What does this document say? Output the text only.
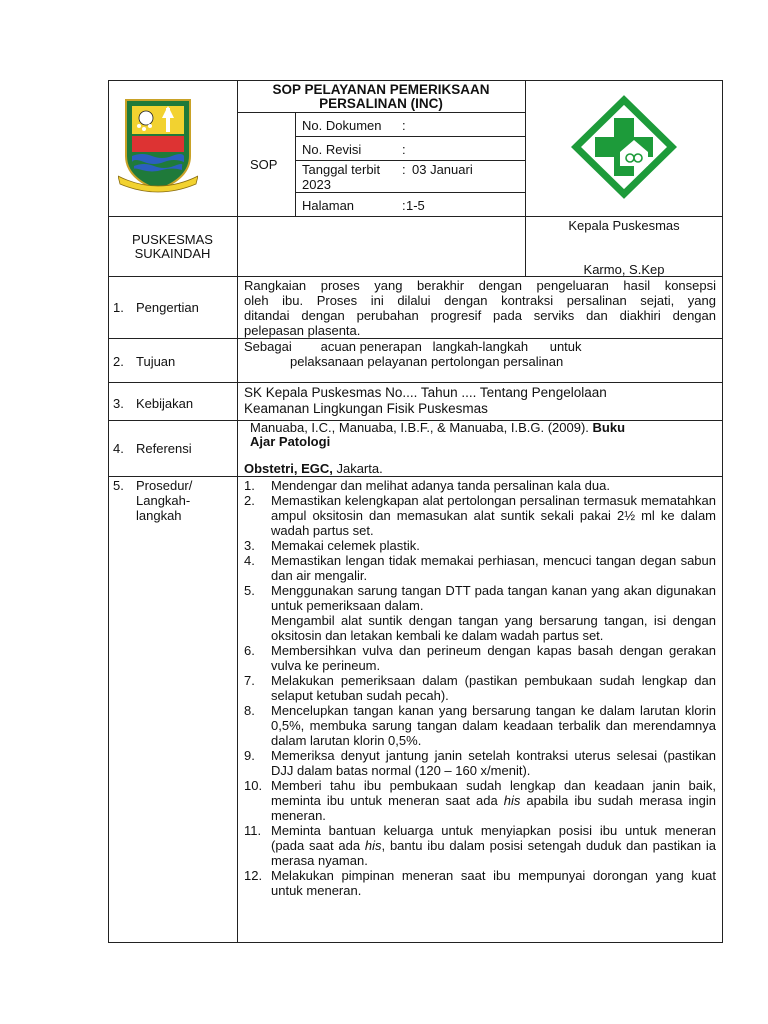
SOP PELAYANAN PEMERIKSAAN
PERSALINAN (INC)
SOP
No. Dokumen :
No. Revisi	:
Tanggal terbit : 03 Januari
2023
Halaman	: 1-5
PUSKESMAS
SUKAINDAH
Kepala Puskesmas
Karmo, S.Kep
1. Pengertian
2. Tujuan
3. Kebijakan
4. Referensi
5. Prosedur/
Langkah-
langkah
Rangkaian proses yang berakhir dengan pengeluaran hasil konsepsi
oleh ibu. Proses ini dilalui dengan kontraksi persalinan sejati, yang
ditandai dengan perubahan progresif pada serviks dan diakhiri dengan
pelepasan plasenta.
Sebagai        acuan penerapan   langkah-langkah      untuk
pelaksanaan pelayanan pertolongan persalinan
SK Kepala Puskesmas No.... Tahun .... Tentang Pengelolaan
Keamanan Lingkungan Fisik Puskesmas
Manuaba, I.C., Manuaba, I.B.F., & Manuaba, I.B.G. (2009). Buku
Ajar Patologi
Obstetri, EGC, Jakarta.
1. Mendengar dan melihat adanya tanda persalinan kala dua.
2. Memastikan kelengkapan alat pertolongan persalinan termasuk mematahkan ampul oksitosin dan memasukan alat suntik sekali pakai 2½ ml ke dalam wadah partus set.
3. Memakai celemek plastik.
4. Memastikan lengan tidak memakai perhiasan, mencuci tangan degan sabun dan air mengalir.
5. Menggunakan sarung tangan DTT pada tangan kanan yang akan digunakan untuk pemeriksaan dalam.
Mengambil alat suntik dengan tangan yang bersarung tangan, isi dengan oksitosin dan letakan kembali ke dalam wadah partus set.
6. Membersihkan vulva dan perineum dengan kapas basah dengan gerakan vulva ke perineum.
7. Melakukan pemeriksaan dalam (pastikan pembukaan sudah lengkap dan selaput ketuban sudah pecah).
8. Mencelupkan tangan kanan yang bersarung tangan ke dalam larutan klorin 0,5%, membuka sarung tangan dalam keadaan terbalik dan merendamnya dalam larutan klorin 0,5%.
9. Memeriksa denyut jantung janin setelah kontraksi uterus selesai (pastikan DJJ dalam batas normal (120 – 160 x/menit).
10. Memberi tahu ibu pembukaan sudah lengkap dan keadaan janin baik, meminta ibu untuk meneran saat ada his apabila ibu sudah merasa ingin meneran.
11. Meminta bantuan keluarga untuk menyiapkan posisi ibu untuk meneran (pada saat ada his, bantu ibu dalam posisi setengah duduk dan pastikan ia merasa nyaman.
12. Melakukan pimpinan meneran saat ibu mempunyai dorongan yang kuat untuk meneran.
